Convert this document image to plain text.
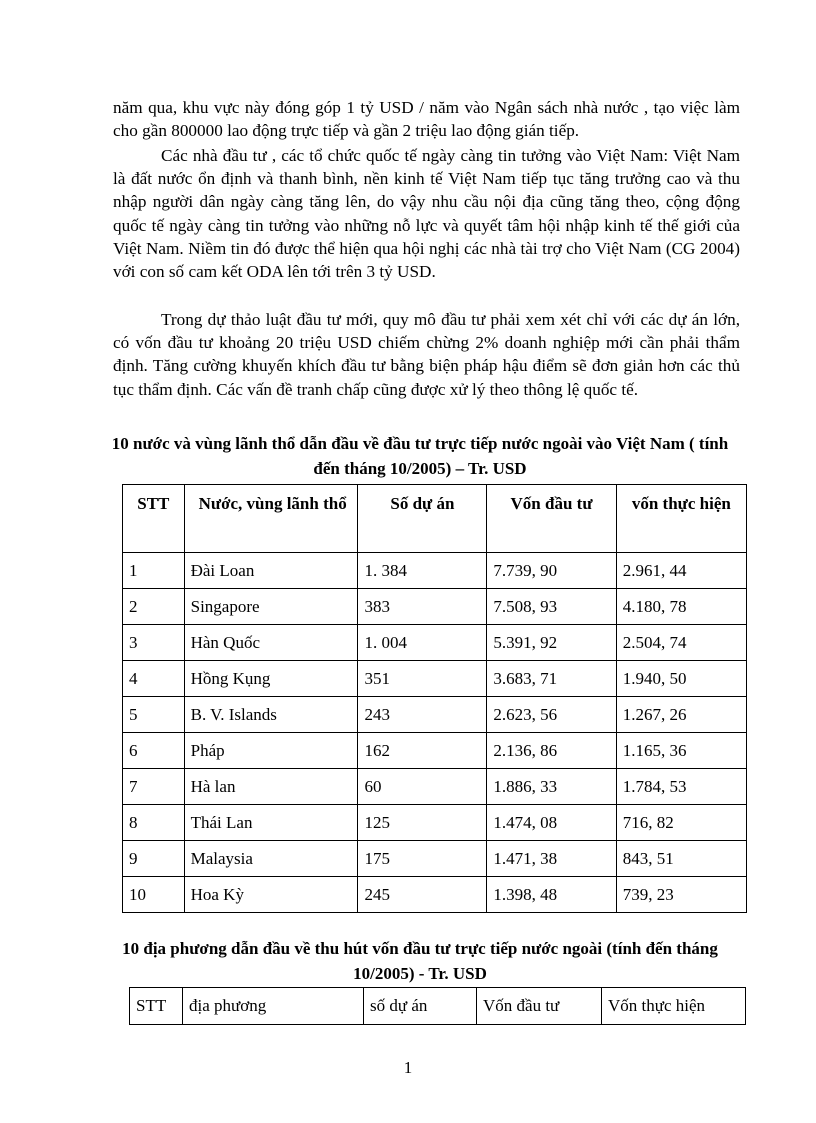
năm qua, khu vực này đóng góp 1 tỷ USD / năm vào Ngân sách nhà nước , tạo việc làm cho gần 800000 lao động trực tiếp và gần 2 triệu lao động gián tiếp.

Các nhà đầu tư , các tổ chức quốc tế ngày càng tin tưởng vào Việt Nam: Việt Nam là đất nước ổn định và thanh bình, nền kinh tế Việt Nam tiếp tục tăng trưởng cao và thu nhập người dân ngày càng tăng lên, do vậy nhu cầu nội địa cũng tăng theo, cộng động quốc tế ngày càng tin tưởng vào những nỗ lực và quyết tâm hội nhập kinh tế thế giới của Việt Nam. Niềm tin đó được thể hiện qua hội nghị các nhà tài trợ cho Việt Nam (CG 2004) với con số cam kết ODA lên tới trên 3 tỷ USD.

Trong dự thảo luật đầu tư mới, quy mô đầu tư phải xem xét chỉ với các dự án lớn, có vốn đầu tư khoảng 20 triệu USD chiếm chừng 2% doanh nghiệp mới cần phải thẩm định. Tăng cường khuyến khích đầu tư bằng biện pháp hậu điểm sẽ đơn giản hơn các thủ tục thẩm định. Các vấn đề tranh chấp cũng được xử lý theo thông lệ quốc tế.

10 nước và vùng lãnh thổ dẫn đầu về đầu tư trực tiếp nước ngoài vào Việt Nam ( tính đến tháng 10/2005) – Tr. USD

STT	Nước, vùng lãnh thổ	Số dự án	Vốn đầu tư	vốn thực hiện
1	Đài Loan	1. 384	7.739, 90	2.961, 44
2	Singapore	383	7.508, 93	4.180, 78
3	Hàn Quốc	1. 004	5.391, 92	2.504, 74
4	Hồng Kụng	351	3.683, 71	1.940, 50
5	B. V. Islands	243	2.623, 56	1.267, 26
6	Pháp	162	2.136, 86	1.165, 36
7	Hà lan	60	1.886, 33	1.784, 53
8	Thái Lan	125	1.474, 08	716, 82
9	Malaysia	175	1.471, 38	843, 51
10	Hoa Kỳ	245	1.398, 48	739, 23

10 địa phương dẫn đầu về thu hút vốn đầu tư trực tiếp nước ngoài (tính đến tháng 10/2005) - Tr. USD

STT	địa phương	số dự án	Vốn đầu tư	Vốn thực hiện
1
